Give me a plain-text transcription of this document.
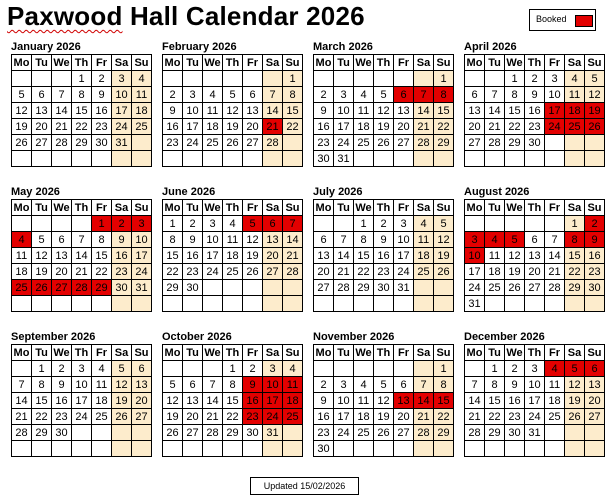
Paxwood Hall Calendar 2026	Booked
January 2026
Mo	Tu	We	Th	Fr	Sa	Su
			1	2	3	4
5	6	7	8	9	10	11
12	13	14	15	16	17	18
19	20	21	22	23	24	25
26	27	28	29	30	31	

February 2026
Mo	Tu	We	Th	Fr	Sa	Su
						1
2	3	4	5	6	7	8
9	10	11	12	13	14	15
16	17	18	19	20	21	22
23	24	25	26	27	28	

March 2026
Mo	Tu	We	Th	Fr	Sa	Su
						1
2	3	4	5	6	7	8
9	10	11	12	13	14	15
16	17	18	19	20	21	22
23	24	25	26	27	28	29
30	31					
April 2026
Mo	Tu	We	Th	Fr	Sa	Su
		1	2	3	4	5
6	7	8	9	10	11	12
13	14	15	16	17	18	19
20	21	22	23	24	25	26
27	28	29	30			

May 2026
Mo	Tu	We	Th	Fr	Sa	Su
				1	2	3
4	5	6	7	8	9	10
11	12	13	14	15	16	17
18	19	20	21	22	23	24
25	26	27	28	29	30	31

June 2026
Mo	Tu	We	Th	Fr	Sa	Su
1	2	3	4	5	6	7
8	9	10	11	12	13	14
15	16	17	18	19	20	21
22	23	24	25	26	27	28
29	30					

July 2026
Mo	Tu	We	Th	Fr	Sa	Su
		1	2	3	4	5
6	7	8	9	10	11	12
13	14	15	16	17	18	19
20	21	22	23	24	25	26
27	28	29	30	31		

August 2026
Mo	Tu	We	Th	Fr	Sa	Su
					1	2
3	4	5	6	7	8	9
10	11	12	13	14	15	16
17	18	19	20	21	22	23
24	25	26	27	28	29	30
31						
September 2026
Mo	Tu	We	Th	Fr	Sa	Su
	1	2	3	4	5	6
7	8	9	10	11	12	13
14	15	16	17	18	19	20
21	22	23	24	25	26	27
28	29	30				

October 2026
Mo	Tu	We	Th	Fr	Sa	Su
			1	2	3	4
5	6	7	8	9	10	11
12	13	14	15	16	17	18
19	20	21	22	23	24	25
26	27	28	29	30	31	

November 2026
Mo	Tu	We	Th	Fr	Sa	Su
						1
2	3	4	5	6	7	8
9	10	11	12	13	14	15
16	17	18	19	20	21	22
23	24	25	26	27	28	29
30						
December 2026
Mo	Tu	We	Th	Fr	Sa	Su
	1	2	3	4	5	6
7	8	9	10	11	12	13
14	15	16	17	18	19	20
21	22	23	24	25	26	27
28	29	30	31			

Updated 15/02/2026
